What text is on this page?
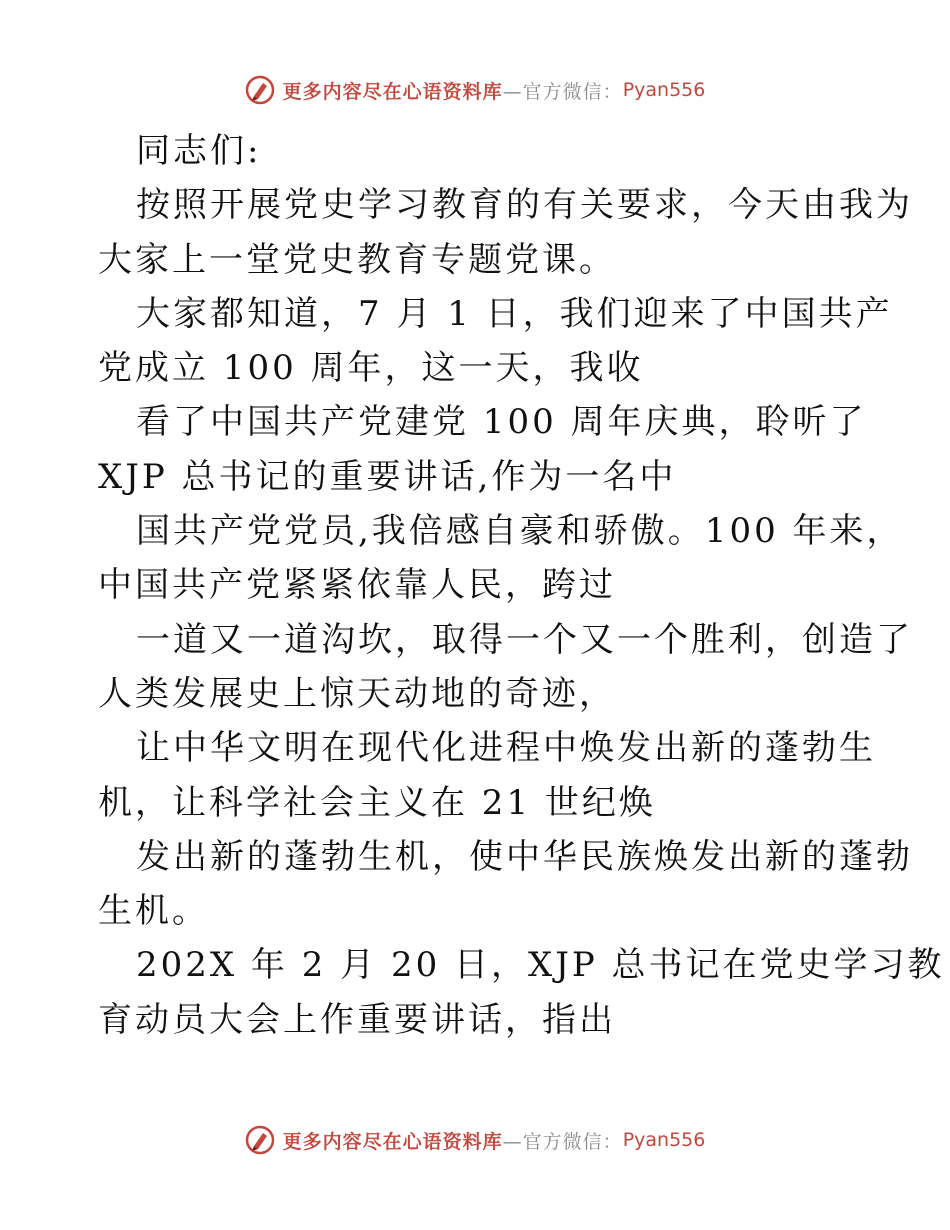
更多内容尽在心语资料库 —官方微信： Pyan556
同志们:
按照开展党史学习教育的有关要求，今天由我为
大家上一堂党史教育专题党课。
大家都知道，7 月 1 日，我们迎来了中国共产
党成立 100 周年，这一天，我收
看了中国共产党建党 100 周年庆典，聆听了
XJP 总书记的重要讲话,作为一名中
国共产党党员,我倍感自豪和骄傲。100 年来，
中国共产党紧紧依靠人民，跨过
一道又一道沟坎，取得一个又一个胜利，创造了
人类发展史上惊天动地的奇迹，
让中华文明在现代化进程中焕发出新的蓬勃生
机，让科学社会主义在 21 世纪焕
发出新的蓬勃生机，使中华民族焕发出新的蓬勃
生机。
202X 年 2 月 20 日，XJP 总书记在党史学习教
育动员大会上作重要讲话，指出
更多内容尽在心语资料库 —官方微信： Pyan556
